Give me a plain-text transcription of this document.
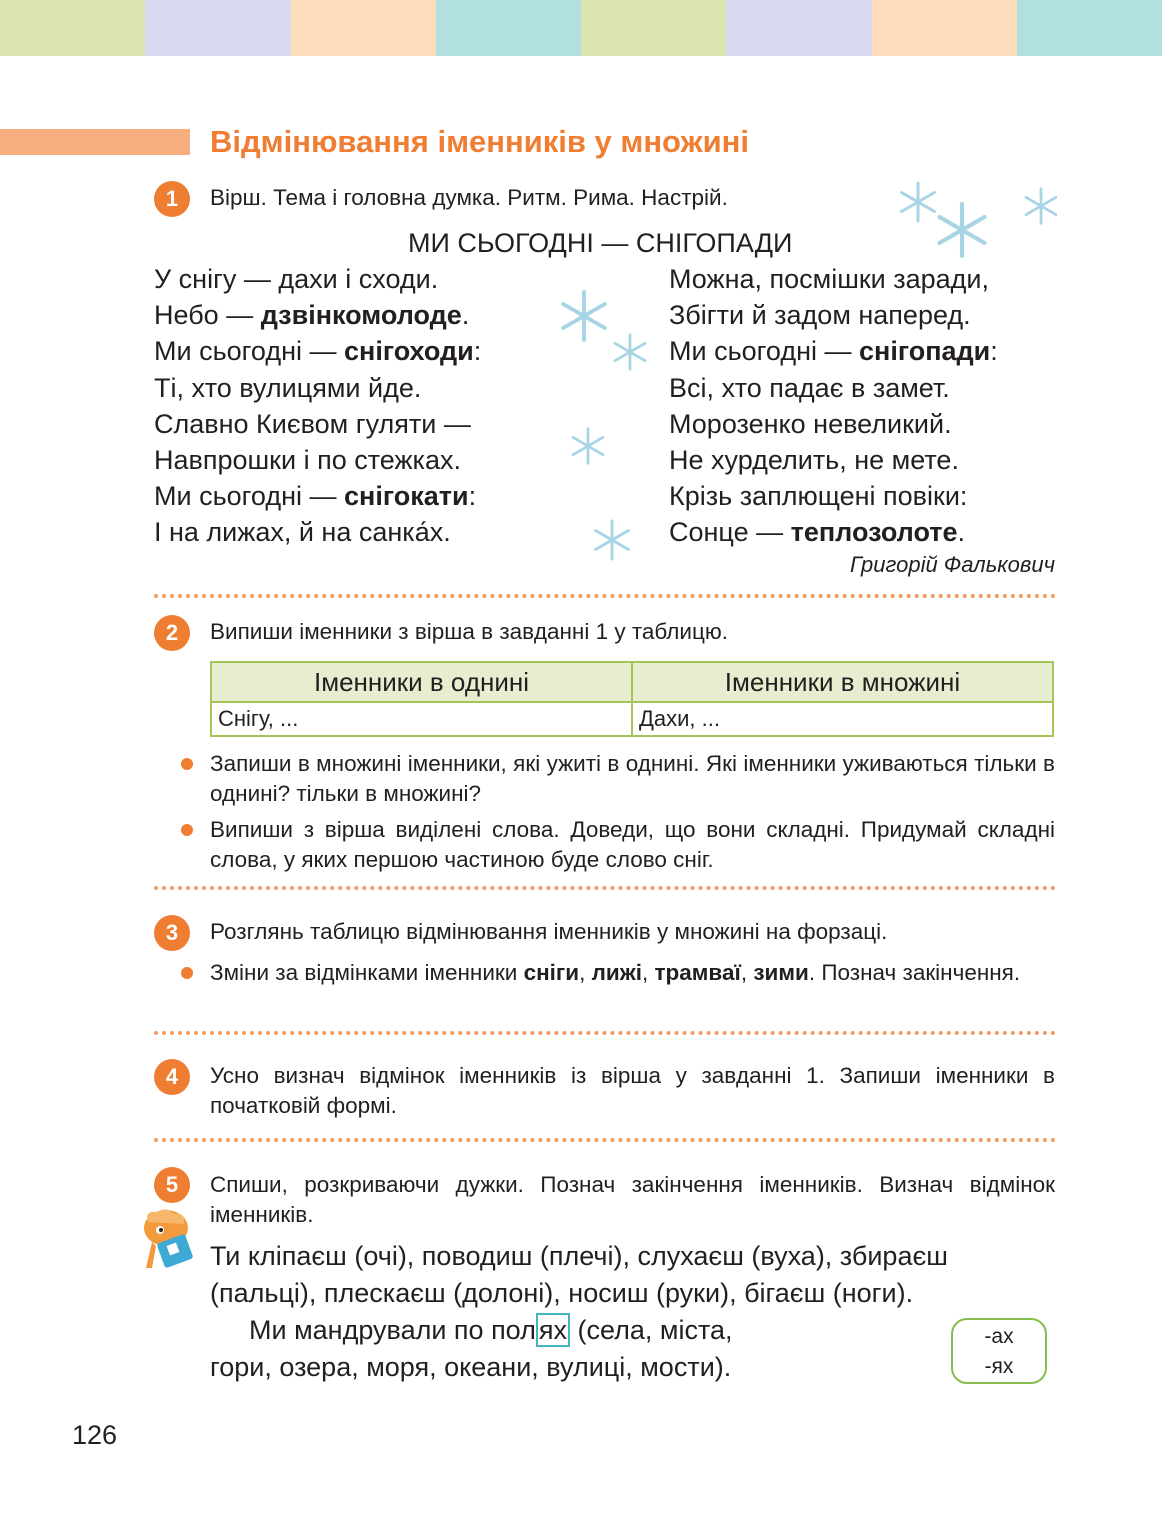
Відмінювання іменників у множині
1	Вірш. Тема і головна думка. Ритм. Рима. Настрій.
МИ СЬОГОДНІ — СНІГОПАДИ
У снігу — дахи і сходи.
Небо — дзвінкомолоде.
Ми сьогодні — снігоходи:
Ті, хто вулицями йде.
Славно Києвом гуляти —
Навпрошки і по стежках.
Ми сьогодні — снігокати:
І на лижах, й на санка́х.
Можна, посмішки заради,
Збігти й задом наперед.
Ми сьогодні — снігопади:
Всі, хто падає в замет.
Морозенко невеликий.
Не хурделить, не мете.
Крізь заплющені повіки:
Сонце — теплозолоте.
Григорій Фалькович
2	Випиши іменники з вірша в завданні 1 у таблицю.
Іменники в однині	Іменники в множині
Снігу, ...	Дахи, ...
Запиши в множині іменники, які ужиті в однині. Які іменники уживаються тільки в однині? тільки в множині?
Випиши з вірша виділені слова. Доведи, що вони складні. Придумай складні слова, у яких першою частиною буде слово сніг.
3	Розглянь таблицю відмінювання іменників у множині на форзаці.
Зміни за відмінками іменники сніги, лижі, трамваї, зими. Познач закінчення.
4	Усно визнач відмінок іменників із вірша у завданні 1. Запиши іменники в початковій формі.
5	Спиши, розкриваючи дужки. Познач закінчення іменників. Визнач відмінок іменників.
Ти кліпаєш (очі), поводиш (плечі), слухаєш (вуха), збираєш
(пальці), плескаєш (долоні), носиш (руки), бігаєш (ноги).
Ми мандрували по пол ях (села, міста,
гори, озера, моря, океани, вулиці, мости).
-ах
-ях
126
